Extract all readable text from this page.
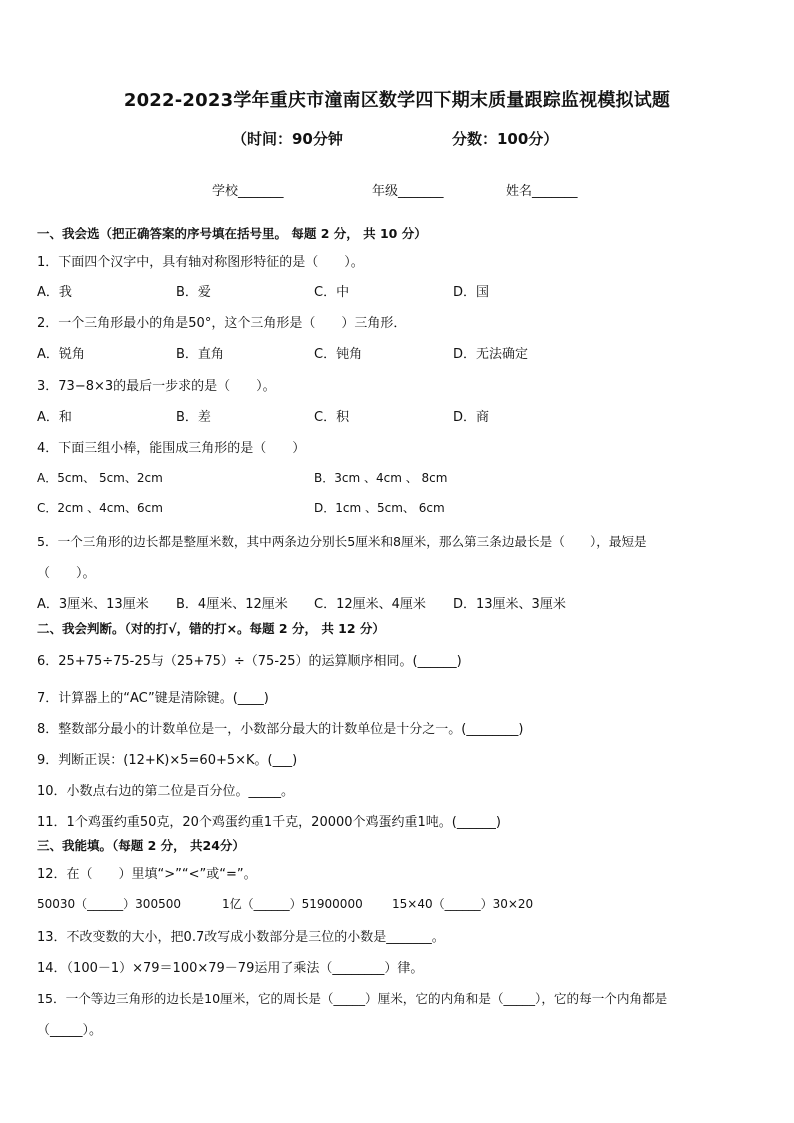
2022-2023学年重庆市潼南区数学四下期末质量跟踪监视模拟试题
（时间：90分钟	分数：100分）
学校_______	年级_______	姓名_______
一、我会选（把正确答案的序号填在括号里。 每题 2 分， 共 10 分）
1．下面四个汉字中，具有轴对称图形特征的是（　　）。
A．我	B．爱	C．中	D．国
2．一个三角形最小的角是50°，这个三角形是（　　）三角形．
A．锐角	B．直角	C．钝角	D．无法确定
3．73−8×3的最后一步求的是（　　）。
A．和	B．差	C．积	D．商
4．下面三组小棒，能围成三角形的是（　　）
A．5cm、 5cm、2cm	B．3cm 、4cm 、 8cm
C．2cm 、4cm、6cm	D．1cm 、5cm、 6cm
5．一个三角形的边长都是整厘米数，其中两条边分别长5厘米和8厘米，那么第三条边最长是（　　），最短是
（　　）。
A．3厘米、13厘米 B．4厘米、12厘米 C．12厘米、4厘米 D．13厘米、3厘米
二、我会判断。（对的打√，错的打×。每题 2 分， 共 12 分）
6．25+75÷75-25与（25+75）÷（75-25）的运算顺序相同。(______)
7．计算器上的“AC”键是清除键。(____)
8．整数部分最小的计数单位是一，小数部分最大的计数单位是十分之一。(________)
9．判断正误：(12+K)×5=60+5×K。(___)
10．小数点右边的第二位是百分位。_____。
11．1个鸡蛋约重50克，20个鸡蛋约重1千克，20000个鸡蛋约重1吨。(______)
三、我能填。（每题 2 分， 共24分）
12．在（　　）里填“>”“<”或“=”。
50030（______）300500	1亿（______）51900000 15×40（______）30×20
13．不改变数的大小，把0.7改写成小数部分是三位的小数是_______。
14．（100－1）×79＝100×79－79运用了乘法（________）律。
15．一个等边三角形的边长是10厘米，它的周长是（_____）厘米，它的内角和是（_____），它的每一个内角都是
（_____）。
